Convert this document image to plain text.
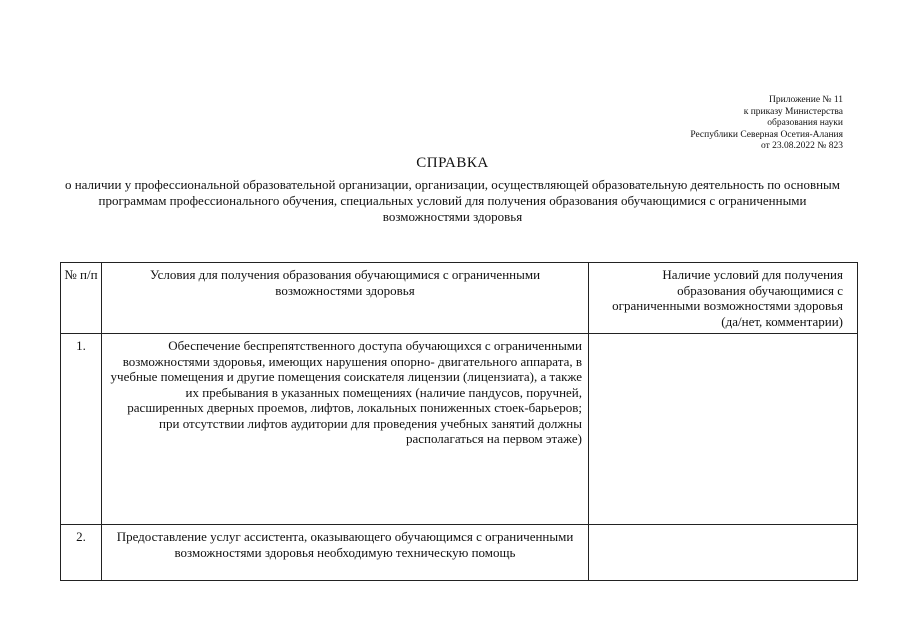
Приложение № 11
к приказу Министерства
образования науки
Республики Северная Осетия-Алания
от 23.08.2022 № 823
СПРАВКА
о наличии у профессиональной образовательной организации, организации, осуществляющей образовательную деятельность по основным программам профессионального обучения, специальных условий для получения образования обучающимися с ограниченными возможностями здоровья
№ п/п	Условия для получения образования обучающимися с ограниченными возможностями здоровья	Наличие условий для получения образования обучающимися с ограниченными возможностями здоровья (да/нет, комментарии)
1.	Обеспечение беспрепятственного доступа обучающихся с ограниченными возможностями здоровья, имеющих нарушения опорно- двигательного аппарата, в учебные помещения и другие помещения соискателя лицензии (лицензиата), а также их пребывания в указанных помещениях (наличие пандусов, поручней, расширенных дверных проемов, лифтов, локальных пониженных стоек-барьеров; при отсутствии лифтов аудитории для проведения учебных занятий должны располагаться на первом этаже)	
2.	Предоставление услуг ассистента, оказывающего обучающимся с ограниченными возможностями здоровья необходимую техническую помощь	
